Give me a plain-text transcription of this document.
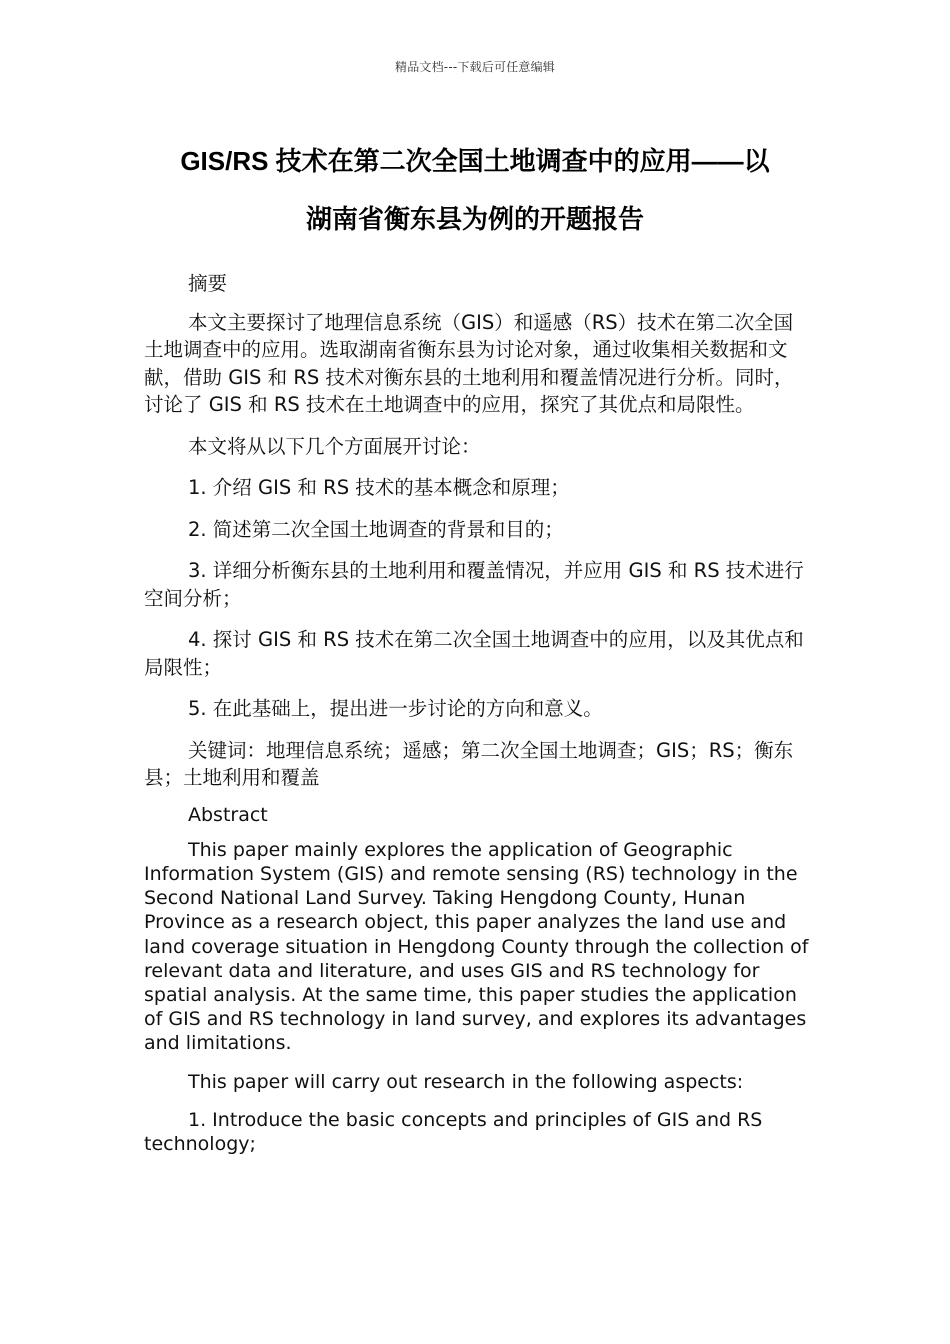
精品文档---下载后可任意编辑
GIS/RS 技术在第二次全国土地调查中的应用——以
湖南省衡东县为例的开题报告

摘要

本文主要探讨了地理信息系统（GIS）和遥感（RS）技术在第二次全国土地调查中的应用。选取湖南省衡东县为讨论对象，通过收集相关数据和文献，借助 GIS 和 RS 技术对衡东县的土地利用和覆盖情况进行分析。同时，讨论了 GIS 和 RS 技术在土地调查中的应用，探究了其优点和局限性。

本文将从以下几个方面展开讨论：

1. 介绍 GIS 和 RS 技术的基本概念和原理；

2. 简述第二次全国土地调查的背景和目的；

3. 详细分析衡东县的土地利用和覆盖情况，并应用 GIS 和 RS 技术进行空间分析；

4. 探讨 GIS 和 RS 技术在第二次全国土地调查中的应用，以及其优点和局限性；

5. 在此基础上，提出进一步讨论的方向和意义。

关键词：地理信息系统；遥感；第二次全国土地调查；GIS；RS；衡东县；土地利用和覆盖

Abstract

This paper mainly explores the application of Geographic Information System (GIS) and remote sensing (RS) technology in the Second National Land Survey. Taking Hengdong County, Hunan Province as a research object, this paper analyzes the land use and land coverage situation in Hengdong County through the collection of relevant data and literature, and uses GIS and RS technology for spatial analysis. At the same time, this paper studies the application of GIS and RS technology in land survey, and explores its advantages and limitations.

This paper will carry out research in the following aspects:

1. Introduce the basic concepts and principles of GIS and RS technology;
